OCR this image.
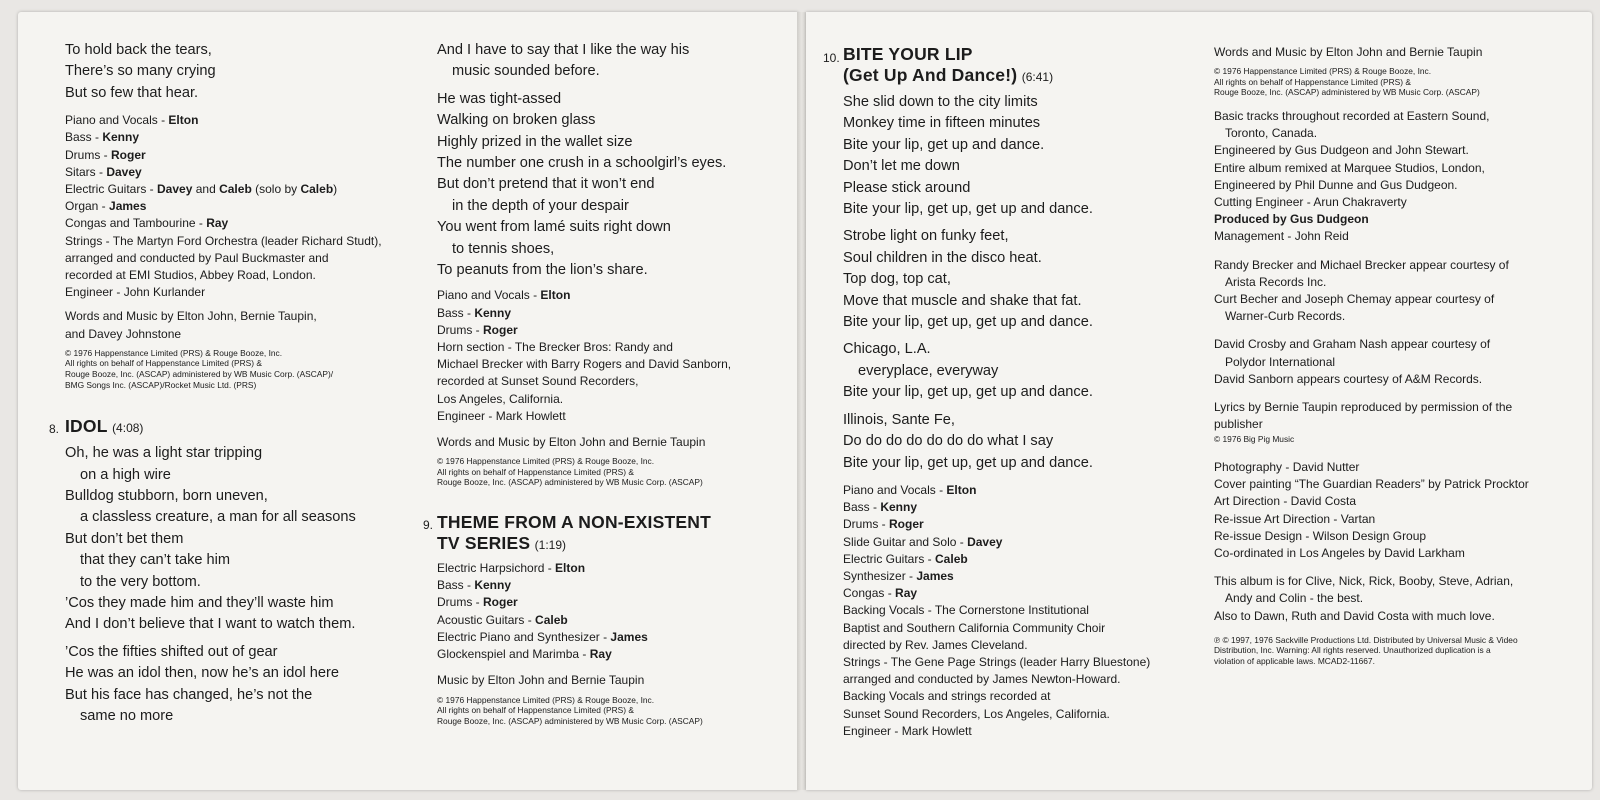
To hold back the tears,
There’s so many crying
But so few that hear.
Piano and Vocals - Elton
Bass - Kenny
Drums - Roger
Sitars - Davey
Electric Guitars - Davey and Caleb (solo by Caleb)
Organ - James
Congas and Tambourine - Ray
Strings - The Martyn Ford Orchestra (leader Richard Studt),
arranged and conducted by Paul Buckmaster and
recorded at EMI Studios, Abbey Road, London.
Engineer - John Kurlander
Words and Music by Elton John, Bernie Taupin,
and Davey Johnstone
© 1976 Happenstance Limited (PRS) & Rouge Booze, Inc.
All rights on behalf of Happenstance Limited (PRS) &
Rouge Booze, Inc. (ASCAP) administered by WB Music Corp. (ASCAP)/
BMG Songs Inc. (ASCAP)/Rocket Music Ltd. (PRS)
8. IDOL (4:08)
Oh, he was a light star tripping
on a high wire
Bulldog stubborn, born uneven,
a classless creature, a man for all seasons
But don’t bet them
that they can’t take him
to the very bottom.
’Cos they made him and they’ll waste him
And I don’t believe that I want to watch them.
’Cos the fifties shifted out of gear
He was an idol then, now he’s an idol here
But his face has changed, he’s not the
same no more
And I have to say that I like the way his
music sounded before.
He was tight-assed
Walking on broken glass
Highly prized in the wallet size
The number one crush in a schoolgirl’s eyes.
But don’t pretend that it won’t end
in the depth of your despair
You went from lamé suits right down
to tennis shoes,
To peanuts from the lion’s share.
Piano and Vocals - Elton
Bass - Kenny
Drums - Roger
Horn section - The Brecker Bros: Randy and
Michael Brecker with Barry Rogers and David Sanborn,
recorded at Sunset Sound Recorders,
Los Angeles, California.
Engineer - Mark Howlett
Words and Music by Elton John and Bernie Taupin
© 1976 Happenstance Limited (PRS) & Rouge Booze, Inc.
All rights on behalf of Happenstance Limited (PRS) &
Rouge Booze, Inc. (ASCAP) administered by WB Music Corp. (ASCAP)
9. THEME FROM A NON-EXISTENT
TV SERIES (1:19)
Electric Harpsichord - Elton
Bass - Kenny
Drums - Roger
Acoustic Guitars - Caleb
Electric Piano and Synthesizer - James
Glockenspiel and Marimba - Ray
Music by Elton John and Bernie Taupin
© 1976 Happenstance Limited (PRS) & Rouge Booze, Inc.
All rights on behalf of Happenstance Limited (PRS) &
Rouge Booze, Inc. (ASCAP) administered by WB Music Corp. (ASCAP)
10. BITE YOUR LIP
(Get Up And Dance!) (6:41)
She slid down to the city limits
Monkey time in fifteen minutes
Bite your lip, get up and dance.
Don’t let me down
Please stick around
Bite your lip, get up, get up and dance.
Strobe light on funky feet,
Soul children in the disco heat.
Top dog, top cat,
Move that muscle and shake that fat.
Bite your lip, get up, get up and dance.
Chicago, L.A.
everyplace, everyway
Bite your lip, get up, get up and dance.
Illinois, Sante Fe,
Do do do do do do do what I say
Bite your lip, get up, get up and dance.
Piano and Vocals - Elton
Bass - Kenny
Drums - Roger
Slide Guitar and Solo - Davey
Electric Guitars - Caleb
Synthesizer - James
Congas - Ray
Backing Vocals - The Cornerstone Institutional
Baptist and Southern California Community Choir
directed by Rev. James Cleveland.
Strings - The Gene Page Strings (leader Harry Bluestone)
arranged and conducted by James Newton-Howard.
Backing Vocals and strings recorded at
Sunset Sound Recorders, Los Angeles, California.
Engineer - Mark Howlett
Words and Music by Elton John and Bernie Taupin
© 1976 Happenstance Limited (PRS) & Rouge Booze, Inc.
All rights on behalf of Happenstance Limited (PRS) &
Rouge Booze, Inc. (ASCAP) administered by WB Music Corp. (ASCAP)
Basic tracks throughout recorded at Eastern Sound,
Toronto, Canada.
Engineered by Gus Dudgeon and John Stewart.
Entire album remixed at Marquee Studios, London,
Engineered by Phil Dunne and Gus Dudgeon.
Cutting Engineer - Arun Chakraverty
Produced by Gus Dudgeon
Management - John Reid
Randy Brecker and Michael Brecker appear courtesy of
Arista Records Inc.
Curt Becher and Joseph Chemay appear courtesy of
Warner-Curb Records.
David Crosby and Graham Nash appear courtesy of
Polydor International
David Sanborn appears courtesy of A&M Records.
Lyrics by Bernie Taupin reproduced by permission of the publisher
© 1976 Big Pig Music
Photography - David Nutter
Cover painting “The Guardian Readers” by Patrick Procktor
Art Direction - David Costa
Re-issue Art Direction - Vartan
Re-issue Design - Wilson Design Group
Co-ordinated in Los Angeles by David Larkham
This album is for Clive, Nick, Rick, Booby, Steve, Adrian,
Andy and Colin - the best.
Also to Dawn, Ruth and David Costa with much love.
℗ © 1997, 1976 Sackville Productions Ltd. Distributed by Universal Music & Video
Distribution, Inc. Warning: All rights reserved. Unauthorized duplication is a
violation of applicable laws. MCAD2-11667.
